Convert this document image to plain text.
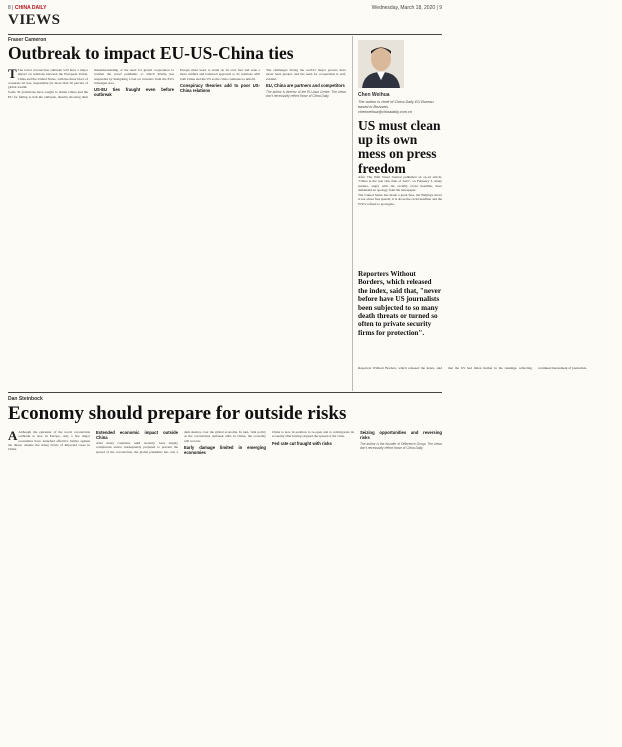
8 | CHINA DAILY	Wednesday, March 18, 2020 | 9
VIEWS
Fraser Cameron
Outbreak to impact EU-US-China ties

T The novel coronavirus outbreak will have a major impact on relations between the European Union, China and the United States, with the three blocs of countries all now responsible for more than 50 percent of global wealth.

Some 50 politicians have sought to blame China and the EU for failing to halt the outbreak, thereby showing their misunderstanding of the need for global cooperation to combat the novel pandemic to which Trump has responded by instigating a ban on travelers from the EU's Schengen area.

US-EU ties fraught even before outbreak

Europe must learn to stand on its own feet and seek a more unified and balanced approach to its relations with both China and the US as the crisis continues to unfold.

Conspiracy theories add to poor US-China relations

The challenges facing the world's major powers have never been greater, and the need for cooperation is self-evident.

EU, China are partners and competitors
The author is director of the EU-Asia Centre. The views don't necessarily reflect those of China Daily.	Chen Weihua
The author is chief of China Daily EU Bureau based in Brussels. chenweihua@chinadaily.com.cn
US must clean up its own mess on press freedom

After The Wall Street Journal published an op-ed article, "China is the real sick man of Asia", on February 3, many readers, angry with the racially racist headline, have demanded an apology from the newspaper.

The United States has made a great fuss, but Beijing's move is not about free speech; it is about the racist headline and the WSJ's refusal to apologize.

Reporters Without Borders, which released the index, said that, "never before have US journalists been subjected to so many death threats or turned so often to private security firms for protection".

Reporters Without Borders, which released the index, said that the US had fallen further in the rankings, reflecting continued harassment of journalists.

Dan Steinbock
Economy should prepare for outside risks

A Although the epicenter of the novel coronavirus outbreak is now in Europe, only a few major economies have launched effective battles against the threat, despite the rising levels of imported cases in China.

Extended economic impact outside China

After many countries, until recently, were largely complacent and/or inadequately prepared to prevent the spread of the coronavirus, the global pandemic has cast a dark shadow over the global economy. In turn, vital policy as the coronavirus outbreak ebbs in China, the economy will recover.

Early damage limited in emerging economies

China is now in position to re-open and to reinvigorate its economy after having stopped the spread of the virus.

Fed rate cut fraught with risks
Seizing opportunities and reversing risks
The author is the founder of Difference Group. The views don't necessarily reflect those of China Daily.
